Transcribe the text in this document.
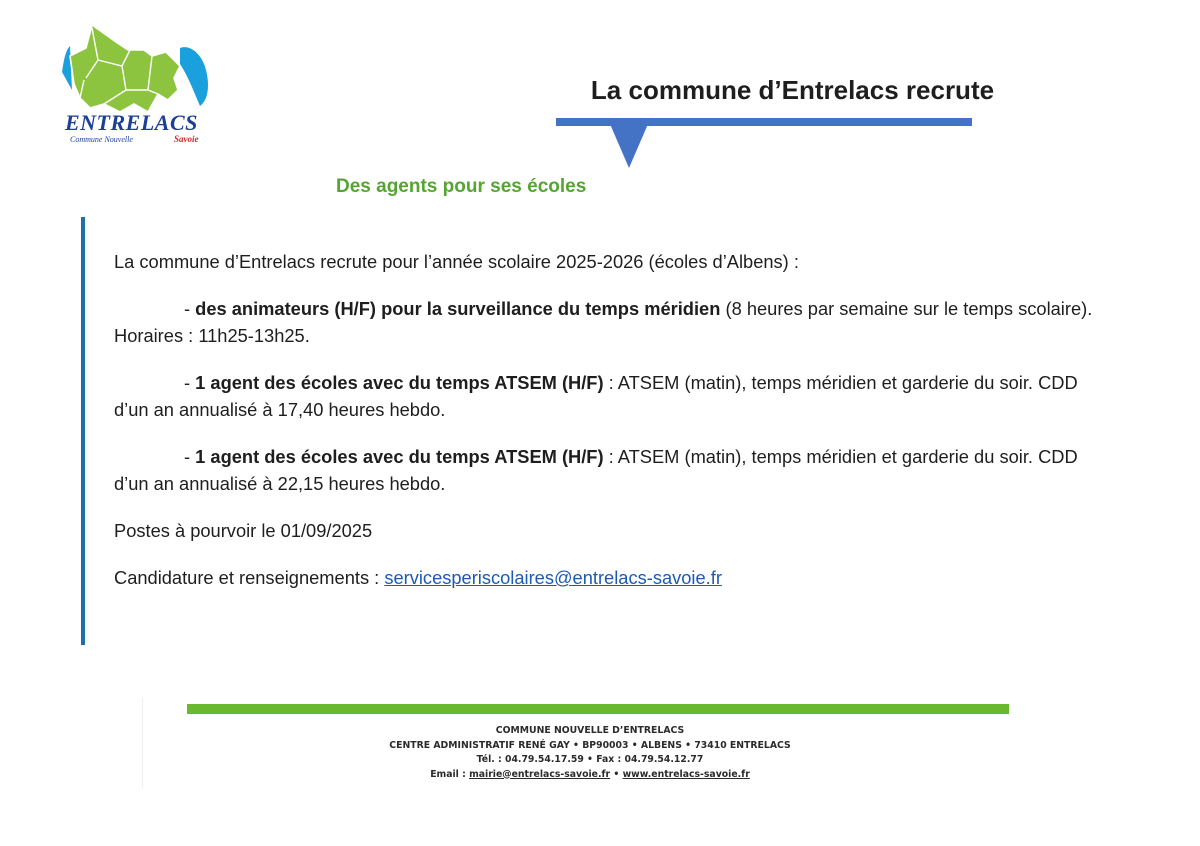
ENTRELACS

Commune Nouvelle	Savoie

La commune d’Entrelacs recrute
Des agents pour ses écoles

La commune d’Entrelacs recrute pour l’année scolaire 2025-2026 (écoles d’Albens) :

- des animateurs (H/F) pour la surveillance du temps méridien (8 heures par semaine sur le temps scolaire). Horaires : 11h25-13h25.

- 1 agent des écoles avec du temps ATSEM (H/F) : ATSEM (matin), temps méridien et garderie du soir. CDD d’un an annualisé à 17,40 heures hebdo.

- 1 agent des écoles avec du temps ATSEM (H/F) : ATSEM (matin), temps méridien et garderie du soir. CDD d’un an annualisé à 22,15 heures hebdo.

Postes à pourvoir le 01/09/2025

Candidature et renseignements : servicesperiscolaires@entrelacs-savoie.fr

COMMUNE NOUVELLE D’ENTRELACS
CENTRE ADMINISTRATIF RENÉ GAY • BP90003 • ALBENS • 73410 ENTRELACS
Tél. : 04.79.54.17.59 • Fax : 04.79.54.12.77
Email : mairie@entrelacs-savoie.fr • www.entrelacs-savoie.fr
